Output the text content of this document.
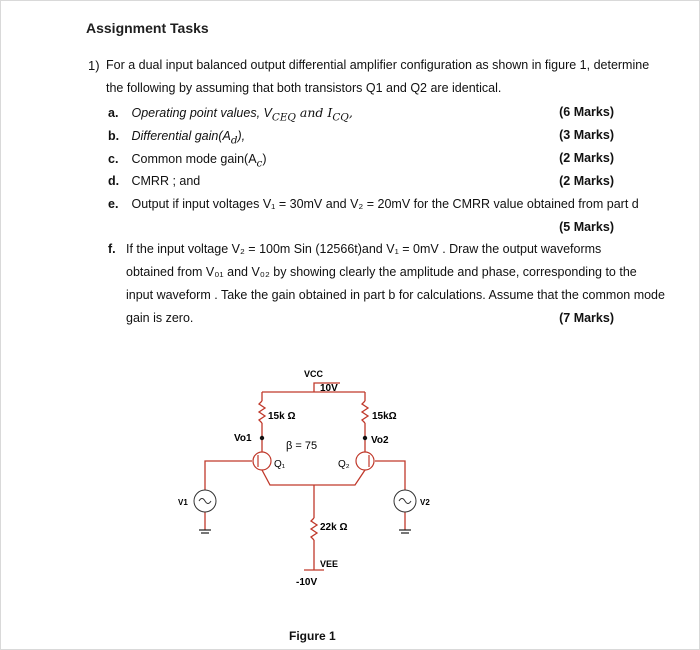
Assignment Tasks
1) For a dual input balanced output differential amplifier configuration as shown in figure 1, determine
the following by assuming that both transistors Q1 and Q2 are identical.
a. Operating point values, $V_{CEQ}$ and $I_{CQ}$,	(6 Marks)
b. Differential $gain(A_d)$,	(3 Marks)
c. Common mode $gain(A_c)$	(2 Marks)
d. CMRR ; and	(2 Marks)
e. Output if input voltages V₁ = 30mV and V₂ = 20mV for the CMRR value obtained from part d
(5 Marks)
f. If the input voltage V₂ = 100m Sin (12566t)and V₁ = 0mV . Draw the output waveforms
obtained from V₀₁ and V₀₂ by showing clearly the amplitude and phase, corresponding to the
input waveform . Take the gain obtained in part b for calculations. Assume that the common mode
gain is zero.	(7 Marks)
VCC
10V
15k Ω	15kΩ
Vo1	Vo2
β = 75
Q₁	Q₂
V1	V2
22k Ω
VEE
-10V
Figure 1
